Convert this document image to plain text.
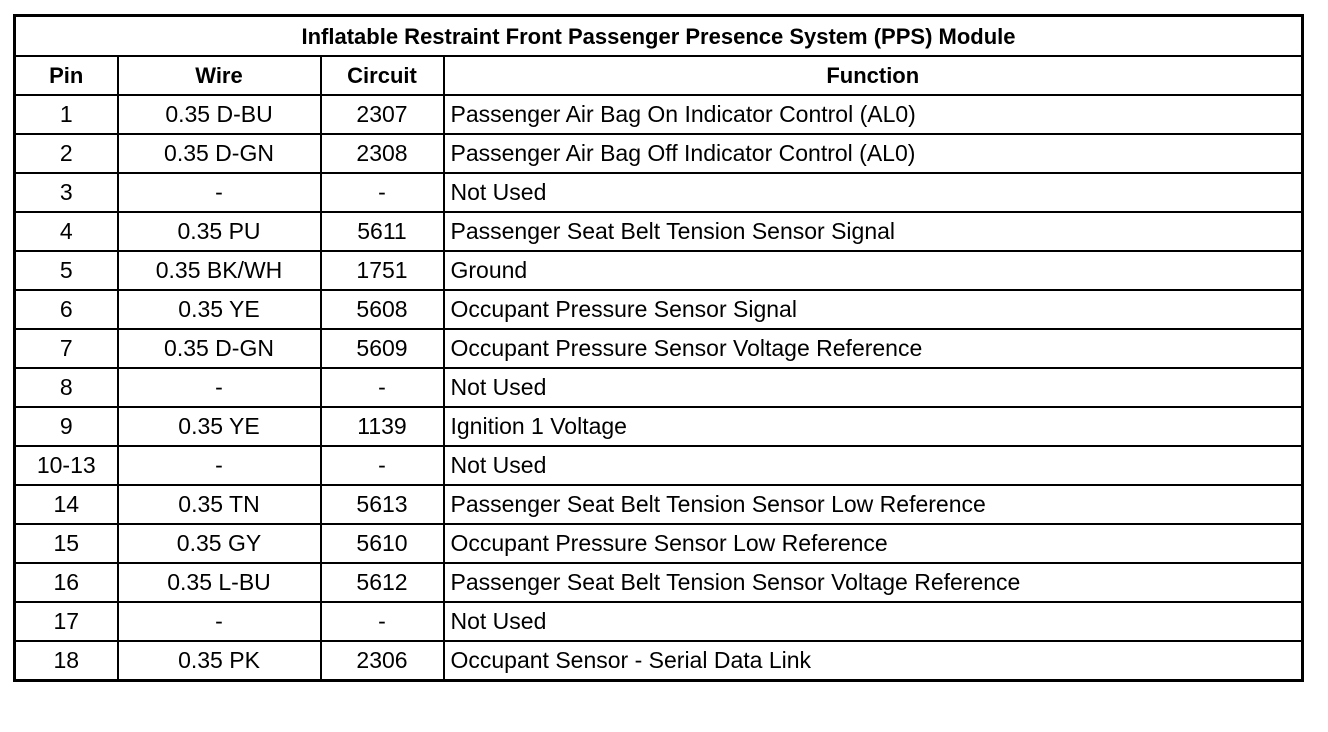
Inflatable Restraint Front Passenger Presence System (PPS) Module			
Pin	Wire	Circuit	Function
1	0.35 D-BU	2307	Passenger Air Bag On Indicator Control (AL0)
2	0.35 D-GN	2308	Passenger Air Bag Off Indicator Control (AL0)
3	-	-	Not Used
4	0.35 PU	5611	Passenger Seat Belt Tension Sensor Signal
5	0.35 BK/WH	1751	Ground
6	0.35 YE	5608	Occupant Pressure Sensor Signal
7	0.35 D-GN	5609	Occupant Pressure Sensor Voltage Reference
8	-	-	Not Used
9	0.35 YE	1139	Ignition 1 Voltage
10-13	-	-	Not Used
14	0.35 TN	5613	Passenger Seat Belt Tension Sensor Low Reference
15	0.35 GY	5610	Occupant Pressure Sensor Low Reference
16	0.35 L-BU	5612	Passenger Seat Belt Tension Sensor Voltage Reference
17	-	-	Not Used
18	0.35 PK	2306	Occupant Sensor - Serial Data Link
